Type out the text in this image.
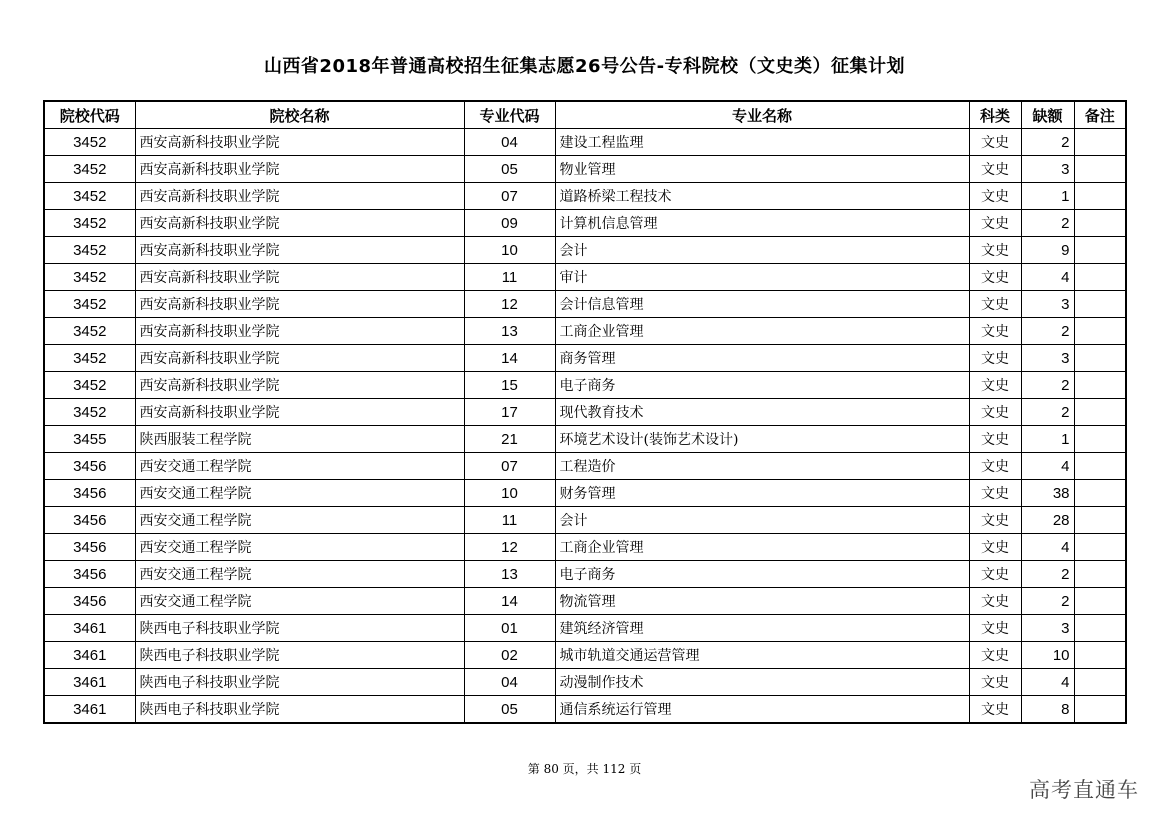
山西省2018年普通高校招生征集志愿26号公告-专科院校（文史类）征集计划
院校代码	院校名称	专业代码	专业名称	科类	缺额	备注
3452	西安高新科技职业学院	04	建设工程监理	文史	2	
3452	西安高新科技职业学院	05	物业管理	文史	3	
3452	西安高新科技职业学院	07	道路桥梁工程技术	文史	1	
3452	西安高新科技职业学院	09	计算机信息管理	文史	2	
3452	西安高新科技职业学院	10	会计	文史	9	
3452	西安高新科技职业学院	11	审计	文史	4	
3452	西安高新科技职业学院	12	会计信息管理	文史	3	
3452	西安高新科技职业学院	13	工商企业管理	文史	2	
3452	西安高新科技职业学院	14	商务管理	文史	3	
3452	西安高新科技职业学院	15	电子商务	文史	2	
3452	西安高新科技职业学院	17	现代教育技术	文史	2	
3455	陕西服装工程学院	21	环境艺术设计(装饰艺术设计)	文史	1	
3456	西安交通工程学院	07	工程造价	文史	4	
3456	西安交通工程学院	10	财务管理	文史	38	
3456	西安交通工程学院	11	会计	文史	28	
3456	西安交通工程学院	12	工商企业管理	文史	4	
3456	西安交通工程学院	13	电子商务	文史	2	
3456	西安交通工程学院	14	物流管理	文史	2	
3461	陕西电子科技职业学院	01	建筑经济管理	文史	3	
3461	陕西电子科技职业学院	02	城市轨道交通运营管理	文史	10	
3461	陕西电子科技职业学院	04	动漫制作技术	文史	4	
3461	陕西电子科技职业学院	05	通信系统运行管理	文史	8	
第 80 页，共 112 页
高考直通车
